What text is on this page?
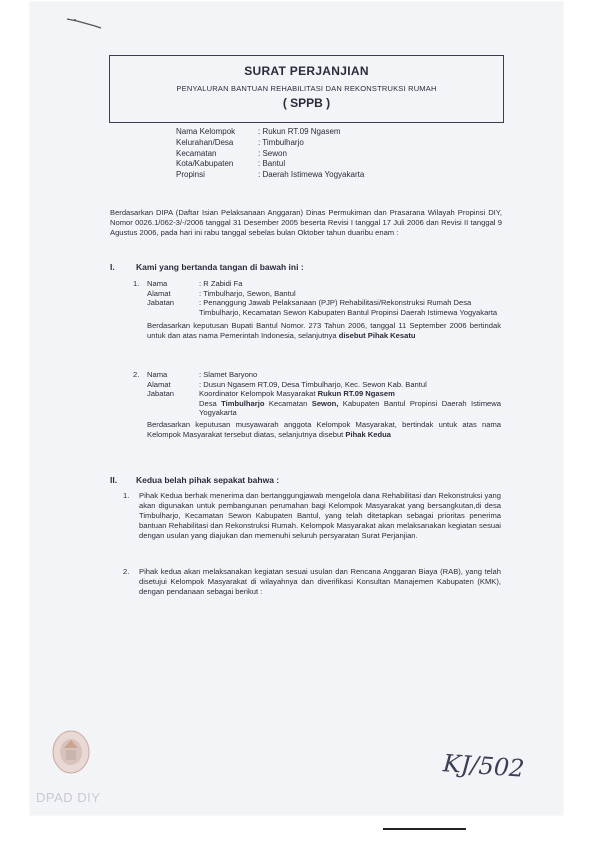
SURAT PERJANJIAN
PENYALURAN BANTUAN REHABILITASI DAN REKONSTRUKSI RUMAH
( SPPB )
Nama Kelompok	: Rukun RT.09 Ngasem
Kelurahan/Desa	: Timbulharjo
Kecamatan	: Sewon
Kota/Kabupaten	: Bantul
Propinsi	: Daerah Istimewa Yogyakarta
Berdasarkan DIPA (Daftar Isian Pelaksanaan Anggaran) Dinas Permukiman dan Prasarana Wilayah Propinsi DIY, Nomor 0026.1/062-3/-/2006 tanggal 31 Desember 2005 beserta Revisi I tanggal 17 Juli 2006 dan Revisi II tanggal 9 Agustus 2006, pada hari ini rabu tanggal sebelas bulan Oktober tahun duaribu enam :
I.	Kami yang bertanda tangan di bawah ini :
1.	Nama	: R Zabidi Fa
Alamat	: Timbulharjo, Sewon, Bantul
Jabatan	: Penanggung Jawab Pelaksanaan (PJP) Rehabilitasi/Rekonstruksi Rumah Desa Timbulharjo, Kecamatan Sewon Kabupaten Bantul Propinsi Daerah Istimewa Yogyakarta
Berdasarkan keputusan Bupati Bantul Nomor. 273 Tahun 2006, tanggal 11 September 2006 bertindak untuk dan atas nama Pemerintah Indonesia, selanjutnya disebut Pihak Kesatu
2.	Nama	: Slamet Baryono
Alamat	: Dusun Ngasem RT.09, Desa Timbulharjo, Kec. Sewon Kab. Bantul
Jabatan	Koordinator Kelompok Masyarakat Rukun RT.09 Ngasem
Desa Timbulharjo Kecamatan Sewon, Kabupaten Bantul Propinsi Daerah Istimewa Yogyakarta
Berdasarkan keputusan musyawarah anggota Kelompok Masyarakat, bertindak untuk atas nama Kelompok Masyarakat tersebut diatas, selanjutnya disebut Pihak Kedua
II.	Kedua belah pihak sepakat bahwa :
1.	Pihak Kedua berhak menerima dan bertanggungjawab mengelola dana Rehabilitasi dan Rekonstruksi yang akan digunakan untuk pembangunan perumahan bagi Kelompok Masyarakat yang bersangkutan,di desa Timbulharjo, Kecamatan Sewon Kabupaten Bantul, yang telah ditetapkan sebagai prioritas penerima bantuan Rehabilitasi dan Rekonstruksi Rumah. Kelompok Masyarakat akan melaksanakan kegiatan sesuai dengan usulan yang diajukan dan memenuhi seluruh persyaratan Surat Perjanjian.
2.	Pihak kedua akan melaksanakan kegiatan sesuai usulan dan Rencana Anggaran Biaya (RAB), yang telah disetujui Kelompok Masyarakat di wilayahnya dan diverifikasi Konsultan Manajemen Kabupaten (KMK), dengan pendanaan sebagai berikut :
DPAD DIY
KJ/502
